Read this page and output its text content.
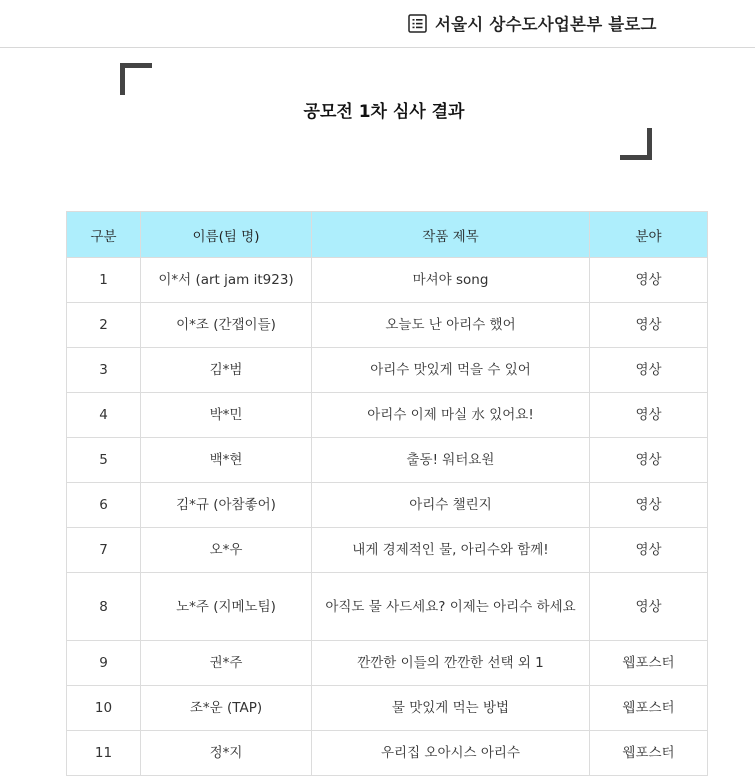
서울시 상수도사업본부 블로그
공모전 1차 심사 결과
구분	이름(팀 명)	작품 제목	분야
1	이*서 (art jam it923)	마셔야 song	영상
2	이*조 (간잽이들)	오늘도 난 아리수 했어	영상
3	김*범	아리수 맛있게 먹을 수 있어	영상
4	박*민	아리수 이제 마실 水 있어요!	영상
5	백*현	출동! 워터요원	영상
6	김*규 (아참좋어)	아리수 챌린지	영상
7	오*우	내게 경제적인 물, 아리수와 함께!	영상
8	노*주 (지메노팀)	아직도 물 사드세요? 이제는 아리수 하세요	영상
9	권*주	깐깐한 이들의 깐깐한 선택 외 1	웹포스터
10	조*운 (TAP)	물 맛있게 먹는 방법	웹포스터
11	정*지	우리집 오아시스 아리수	웹포스터
